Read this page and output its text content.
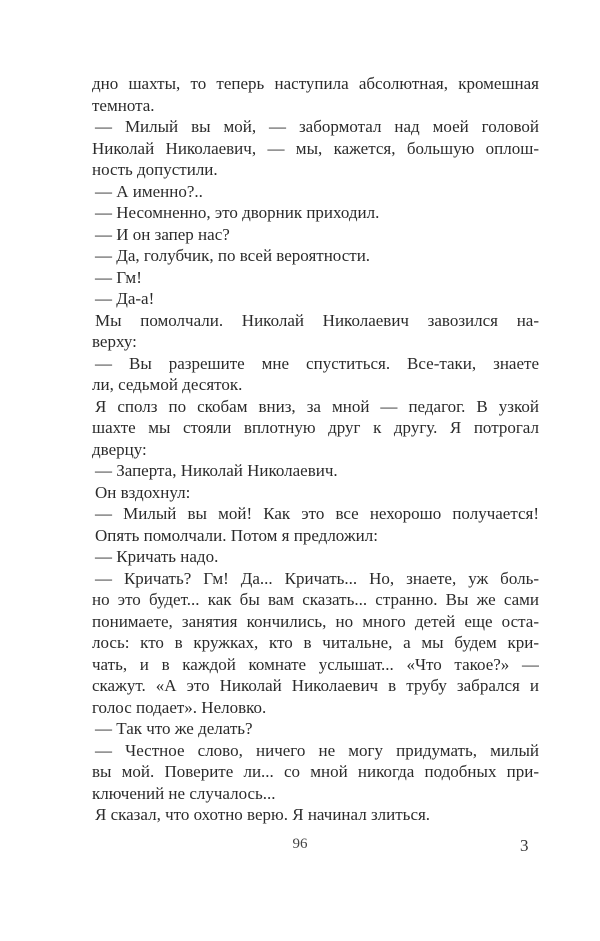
дно шахты, то теперь наступила абсолютная, кромешная
темнота.
— Милый вы мой, — забормотал над моей головой
Николай Николаевич, — мы, кажется, большую оплош-
ность допустили.
— А именно?..
— Несомненно, это дворник приходил.
— И он запер нас?
— Да, голубчик, по всей вероятности.
— Гм!
— Да-а!
Мы помолчали. Николай Николаевич завозился на-
верху:
— Вы разрешите мне спуститься. Все-таки, знаете
ли, седьмой десяток.
Я сполз по скобам вниз, за мной — педагог. В узкой
шахте мы стояли вплотную друг к другу. Я потрогал
дверцу:
— Заперта, Николай Николаевич.
Он вздохнул:
— Милый вы мой! Как это все нехорошо получается!
Опять помолчали. Потом я предложил:
— Кричать надо.
— Кричать? Гм! Да... Кричать... Но, знаете, уж боль-
но это будет... как бы вам сказать... странно. Вы же сами
понимаете, занятия кончились, но много детей еще оста-
лось: кто в кружках, кто в читальне, а мы будем кри-
чать, и в каждой комнате услышат... «Что такое?» —
скажут. «А это Николай Николаевич в трубу забрался и
голос подает». Неловко.
— Так что же делать?
— Честное слово, ничего не могу придумать, милый
вы мой. Поверите ли... со мной никогда подобных при-
ключений не случалось...
Я сказал, что охотно верю. Я начинал злиться.
96	3
